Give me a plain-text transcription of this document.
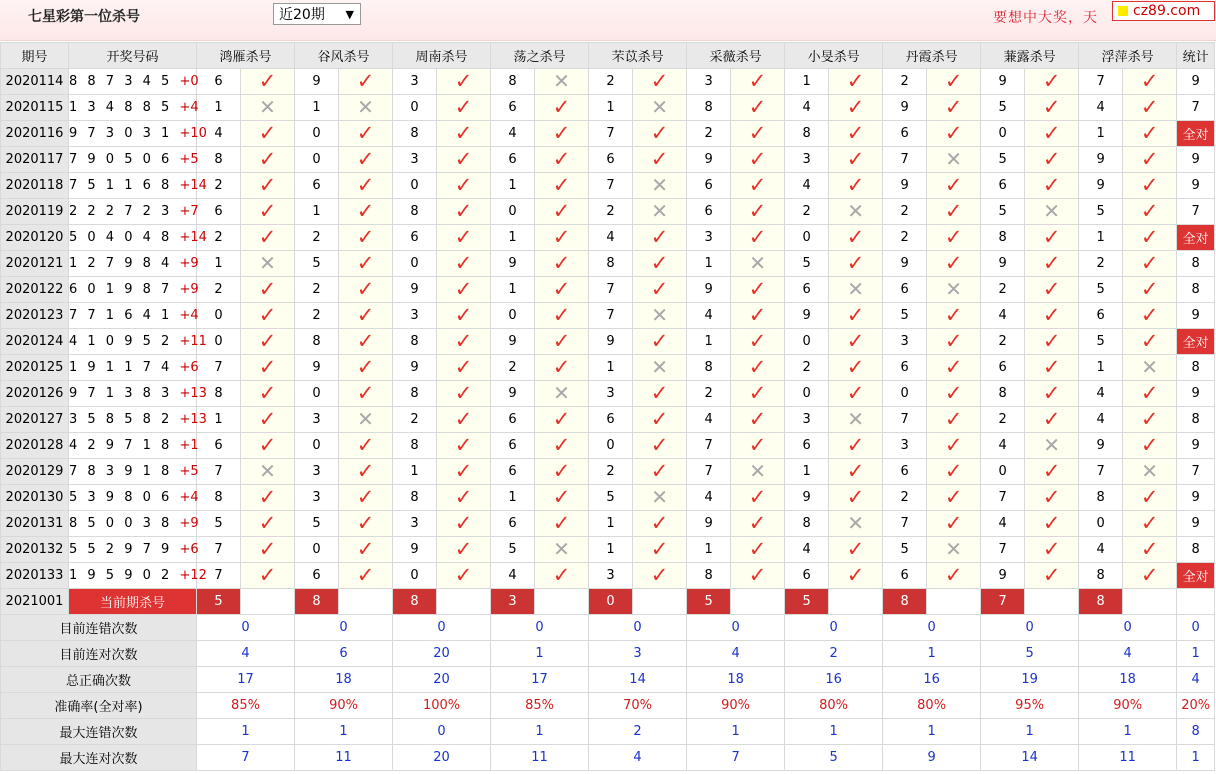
七星彩第一位杀号	近20期 ▼	要想中大奖，天	cz89.com
期号	开奖号码	鸿雁杀号		谷风杀号		周南杀号		荡之杀号		芣苡杀号		采薇杀号		小旻杀号		丹霞杀号		蒹露杀号		浮萍杀号		统计
2020114	8 8 7 3 4 5 +0	6	✓	9	✓	3	✓	8	✕	2	✓	3	✓	1	✓	2	✓	9	✓	7	✓	9
2020115	1 3 4 8 8 5 +4	1	✕	1	✕	0	✓	6	✓	1	✕	8	✓	4	✓	9	✓	5	✓	4	✓	7
2020116	9 7 3 0 3 1 +10	4	✓	0	✓	8	✓	4	✓	7	✓	2	✓	8	✓	6	✓	0	✓	1	✓	全对
2020117	7 9 0 5 0 6 +5	8	✓	0	✓	3	✓	6	✓	6	✓	9	✓	3	✓	7	✕	5	✓	9	✓	9
2020118	7 5 1 1 6 8 +14	2	✓	6	✓	0	✓	1	✓	7	✕	6	✓	4	✓	9	✓	6	✓	9	✓	9
2020119	2 2 2 7 2 3 +7	6	✓	1	✓	8	✓	0	✓	2	✕	6	✓	2	✕	2	✓	5	✕	5	✓	7
2020120	5 0 4 0 4 8 +14	2	✓	2	✓	6	✓	1	✓	4	✓	3	✓	0	✓	2	✓	8	✓	1	✓	全对
2020121	1 2 7 9 8 4 +9	1	✕	5	✓	0	✓	9	✓	8	✓	1	✕	5	✓	9	✓	9	✓	2	✓	8
2020122	6 0 1 9 8 7 +9	2	✓	2	✓	9	✓	1	✓	7	✓	9	✓	6	✕	6	✕	2	✓	5	✓	8
2020123	7 7 1 6 4 1 +4	0	✓	2	✓	3	✓	0	✓	7	✕	4	✓	9	✓	5	✓	4	✓	6	✓	9
2020124	4 1 0 9 5 2 +11	0	✓	8	✓	8	✓	9	✓	9	✓	1	✓	0	✓	3	✓	2	✓	5	✓	全对
2020125	1 9 1 1 7 4 +6	7	✓	9	✓	9	✓	2	✓	1	✕	8	✓	2	✓	6	✓	6	✓	1	✕	8
2020126	9 7 1 3 8 3 +13	8	✓	0	✓	8	✓	9	✕	3	✓	2	✓	0	✓	0	✓	8	✓	4	✓	9
2020127	3 5 8 5 8 2 +13	1	✓	3	✕	2	✓	6	✓	6	✓	4	✓	3	✕	7	✓	2	✓	4	✓	8
2020128	4 2 9 7 1 8 +1	6	✓	0	✓	8	✓	6	✓	0	✓	7	✓	6	✓	3	✓	4	✕	9	✓	9
2020129	7 8 3 9 1 8 +5	7	✕	3	✓	1	✓	6	✓	2	✓	7	✕	1	✓	6	✓	0	✓	7	✕	7
2020130	5 3 9 8 0 6 +4	8	✓	3	✓	8	✓	1	✓	5	✕	4	✓	9	✓	2	✓	7	✓	8	✓	9
2020131	8 5 0 0 3 8 +9	5	✓	5	✓	3	✓	6	✓	1	✓	9	✓	8	✕	7	✓	4	✓	0	✓	9
2020132	5 5 2 9 7 9 +6	7	✓	0	✓	9	✓	5	✕	1	✓	1	✓	4	✓	5	✕	7	✓	4	✓	8
2020133	1 9 5 9 0 2 +12	7	✓	6	✓	0	✓	4	✓	3	✓	8	✓	6	✓	6	✓	9	✓	8	✓	全对
2021001	当前期杀号	5		8		8		3		0		5		5		8		7		8		
目前连错次数		0		0		0		0		0		0		0		0		0		0		0
目前连对次数		4		6		20		1		3		4		2		1		5		4		1
总正确次数		17		18		20		17		14		18		16		16		19		18		4
准确率(全对率)		85%		90%		100%		85%		70%		90%		80%		80%		95%		90%		20%
最大连错次数		1		1		0		1		2		1		1		1		1		1		8
最大连对次数		7		11		20		11		4		7		5		9		14		11		1
